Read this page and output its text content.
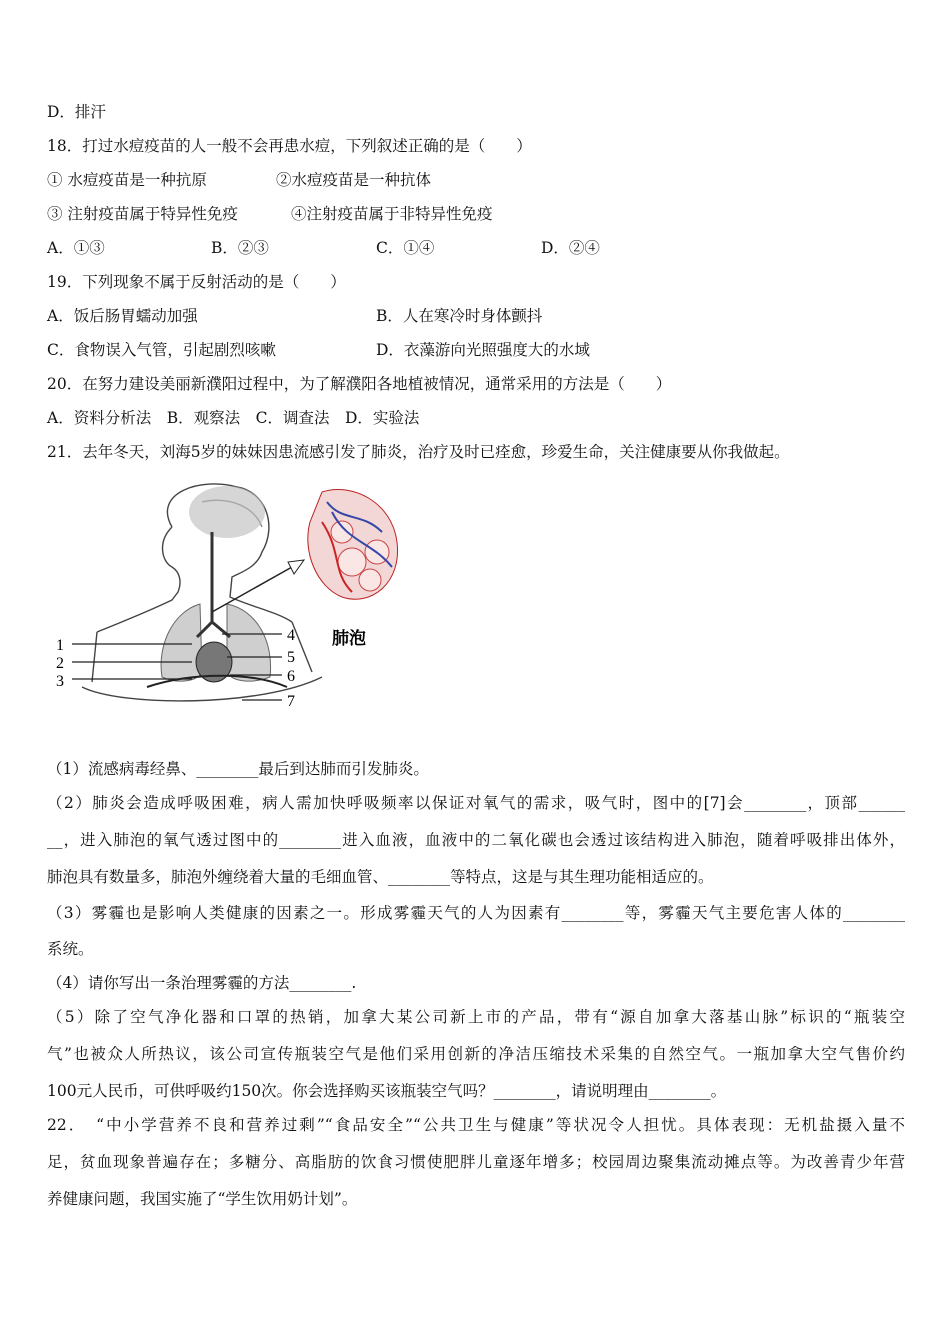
D．排汗
18．打过水痘疫苗的人一般不会再患水痘，下列叙述正确的是（　　）
① 水痘疫苗是一种抗原	②水痘疫苗是一种抗体
③ 注射疫苗属于特异性免疫	④注射疫苗属于非特异性免疫
A．①③	B．②③	C．①④	D．②④
19．下列现象不属于反射活动的是（　　）
A．饭后肠胃蠕动加强	B．人在寒冷时身体颤抖
C．食物误入气管，引起剧烈咳嗽	D．衣藻游向光照强度大的水域
20．在努力建设美丽新濮阳过程中，为了解濮阳各地植被情况，通常采用的方法是（　　）
A．资料分析法　B．观察法　C．调查法　D．实验法
21．去年冬天，刘海5岁的妹妹因患流感引发了肺炎，治疗及时已痊愈，珍爱生命，关注健康要从你我做起。
1
2
3
4
5
6
7
肺泡
（1）流感病毒经鼻、________最后到达肺而引发肺炎。
（2）肺炎会造成呼吸困难，病人需加快呼吸频率以保证对氧气的需求，吸气时，图中的[7]会________，顶部______
__，进入肺泡的氧气透过图中的________进入血液，血液中的二氧化碳也会透过该结构进入肺泡，随着呼吸排出体外，
肺泡具有数量多，肺泡外缠绕着大量的毛细血管、________等特点，这是与其生理功能相适应的。
（3）雾霾也是影响人类健康的因素之一。形成雾霾天气的人为因素有________等，雾霾天气主要危害人体的________
系统。
（4）请你写出一条治理雾霾的方法________.
（5）除了空气净化器和口罩的热销，加拿大某公司新上市的产品，带有“源自加拿大落基山脉”标识的“瓶装空
气”也被众人所热议，该公司宣传瓶装空气是他们采用创新的净洁压缩技术采集的自然空气。一瓶加拿大空气售价约
100元人民币，可供呼吸约150次。你会选择购买该瓶装空气吗？________，请说明理由________。
22．　“中小学营养不良和营养过剩”“食品安全”“公共卫生与健康”等状况令人担忧。具体表现：无机盐摄入量不
足，贫血现象普遍存在；多糖分、高脂肪的饮食习惯使肥胖儿童逐年增多；校园周边聚集流动摊点等。为改善青少年营
养健康问题，我国实施了“学生饮用奶计划”。
